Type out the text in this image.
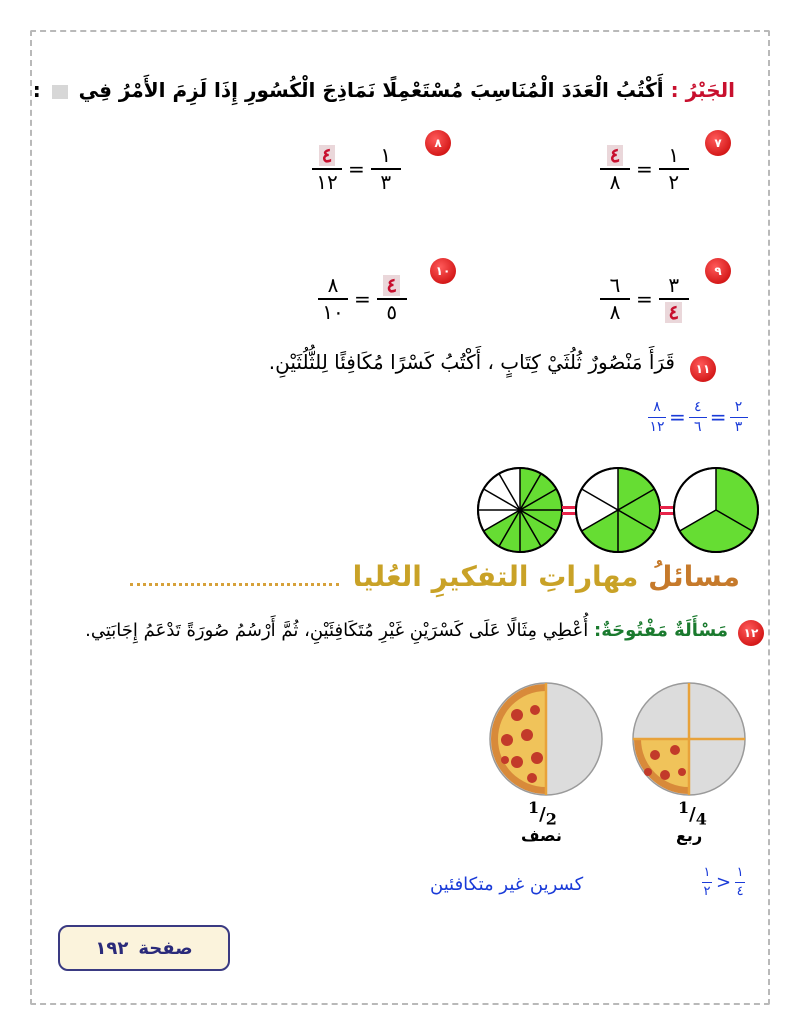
الجَبْرُ : أَكْتُبُ الْعَدَدَ الْمُنَاسِبَ مُسْتَعْمِلًا نَمَاذِجَ الْكُسُورِ إِذَا لَزِمَ الأَمْرُ فِي  :
٧
$\frac{٤}{٨} = \frac{١}{٢}$
٨
$\frac{٤}{١٢} = \frac{١}{٣}$
٩
$\frac{٦}{٨} = \frac{٣}{٤}$
١٠
$\frac{٨}{١٠} = \frac{٤}{٥}$
١١
قَرَأَ مَنْصُورٌ ثُلُثَيْ كِتَابٍ ، أَكْتُبُ كَسْرًا مُكَافِئًا لِلثُّلُثَيْنِ.
$\frac{٨}{١٢} = \frac{٤}{٦} = \frac{٢}{٣}$
مسائلُ مهاراتِ التفكيرِ العُليا
١٢
مَسْأَلَةٌ مَفْتُوحَةٌ: أُعْطِي مِثَالًا عَلَى كَسْرَيْنِ غَيْرِ مُتَكَافِئَيْنِ، ثُمَّ أَرْسُمُ صُورَةً تَدْعَمُ إِجَابَتِي.
$^1/_2$
نصف
$^1/_4$
ربع
كسرين غير متكافئين	$\frac{١}{٢} > \frac{١}{٤}$
صفحة
١٩٢
